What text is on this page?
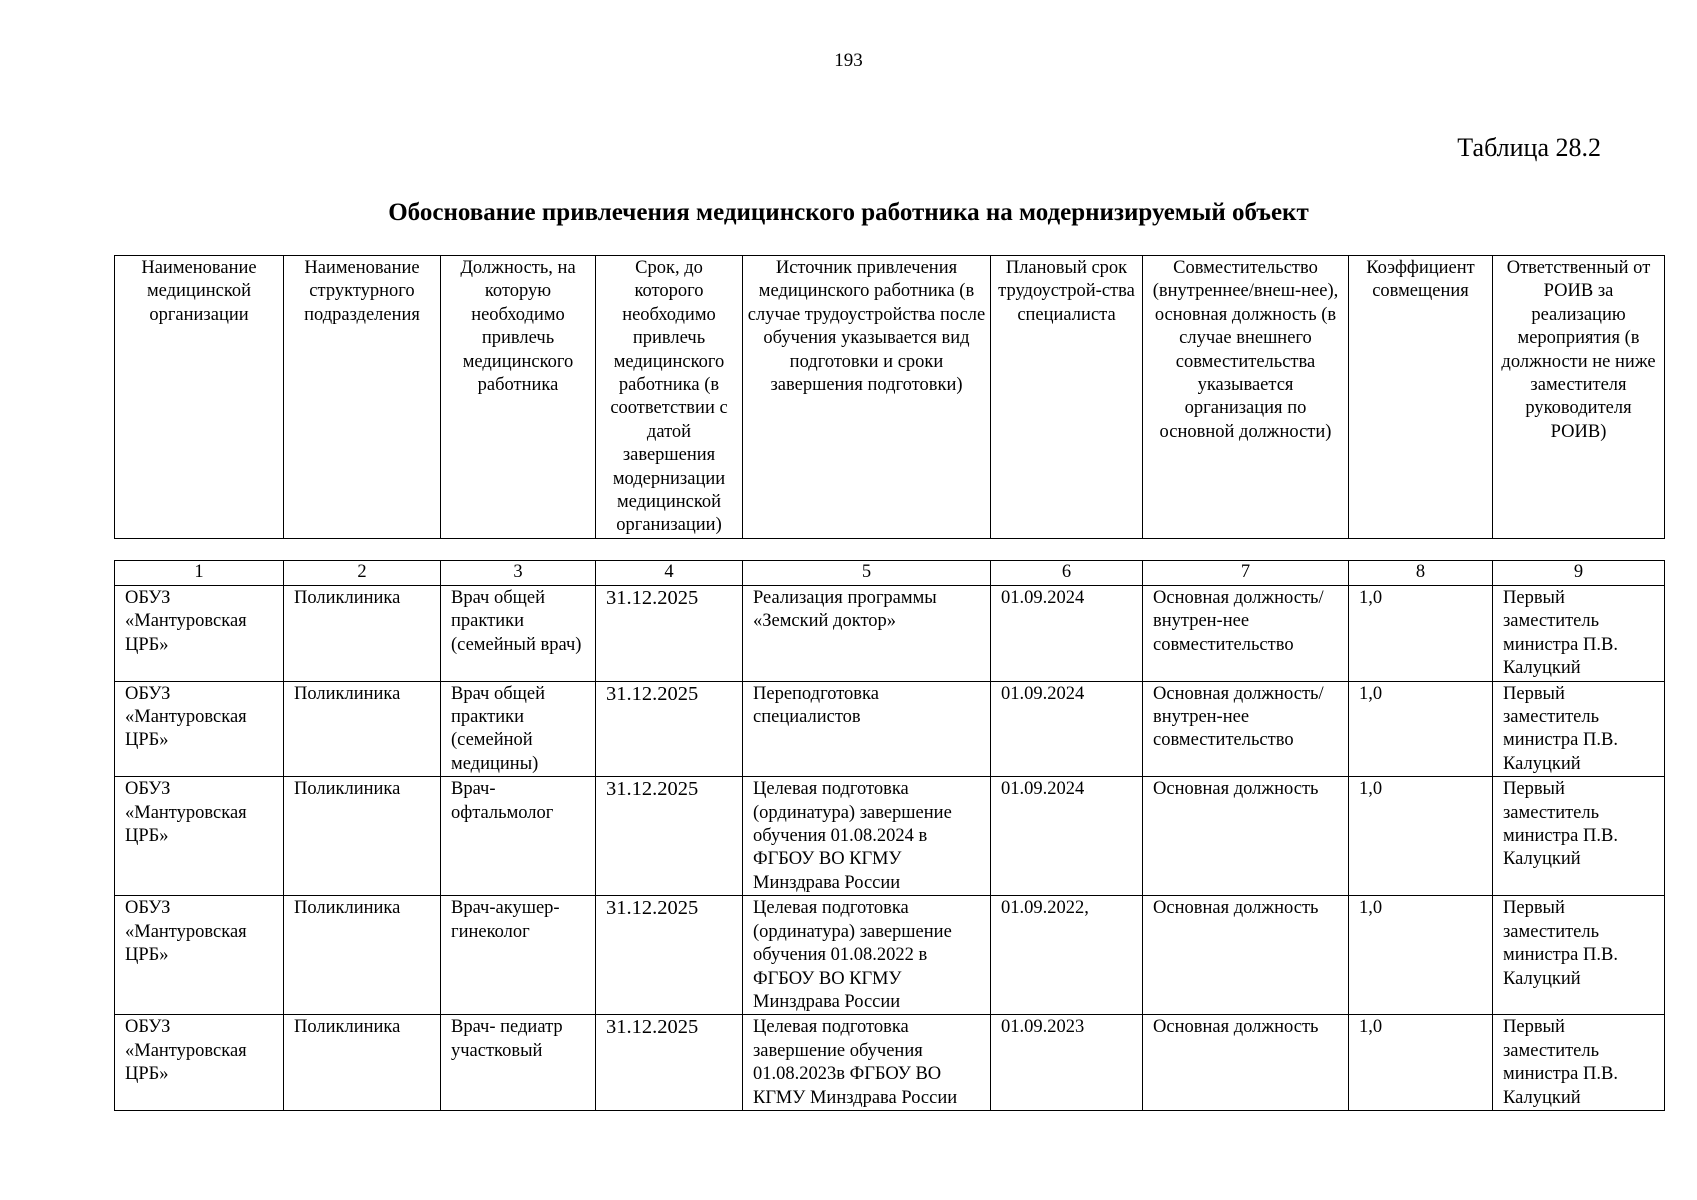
193
Таблица 28.2
Обоснование привлечения медицинского работника на модернизируемый объект
Наименование медицинской организации	Наименование структурного подразделения	Должность, на которую необходимо привлечь медицинского работника	Срок, до которого необходимо привлечь медицинского работника (в соответствии с датой завершения модернизации медицинской организации)	Источник привлечения медицинского работника (в случае трудоустройства после обучения указывается вид подготовки и сроки завершения подготовки)	Плановый срок трудоустрой-ства специалиста	Совместительство (внутреннее/внеш-нее), основная должность (в случае внешнего совместительства указывается организация по основной должности)	Коэффициент совмещения	Ответственный от РОИВ за реализацию мероприятия (в должности не ниже заместителя руководителя РОИВ)
1	2	3	4	5	6	7	8	9
ОБУЗ «Мантуровская ЦРБ»	Поликлиника	Врач общей практики (семейный врач)	31.12.2025	Реализация программы «Земский доктор»	01.09.2024	Основная должность/внутрен-нее совместительство	1,0	Первый заместитель министра П.В. Калуцкий
ОБУЗ «Мантуровская ЦРБ»	Поликлиника	Врач общей практики (семейной медицины)	31.12.2025	Переподготовка специалистов	01.09.2024	Основная должность/внутрен-нее совместительство	1,0	Первый заместитель министра П.В. Калуцкий
ОБУЗ «Мантуровская ЦРБ»	Поликлиника	Врач-офтальмолог	31.12.2025	Целевая подготовка (ординатура) завершение обучения 01.08.2024 в ФГБОУ ВО КГМУ Минздрава России	01.09.2024	Основная должность	1,0	Первый заместитель министра П.В. Калуцкий
ОБУЗ «Мантуровская ЦРБ»	Поликлиника	Врач-акушер-гинеколог	31.12.2025	Целевая подготовка (ординатура) завершение обучения 01.08.2022 в ФГБОУ ВО КГМУ Минздрава России	01.09.2022,	Основная должность	1,0	Первый заместитель министра П.В. Калуцкий
ОБУЗ «Мантуровская ЦРБ»	Поликлиника	Врач- педиатр участковый	31.12.2025	Целевая подготовка завершение обучения 01.08.2023в ФГБОУ ВО КГМУ Минздрава России	01.09.2023	Основная должность	1,0	Первый заместитель министра П.В. Калуцкий
